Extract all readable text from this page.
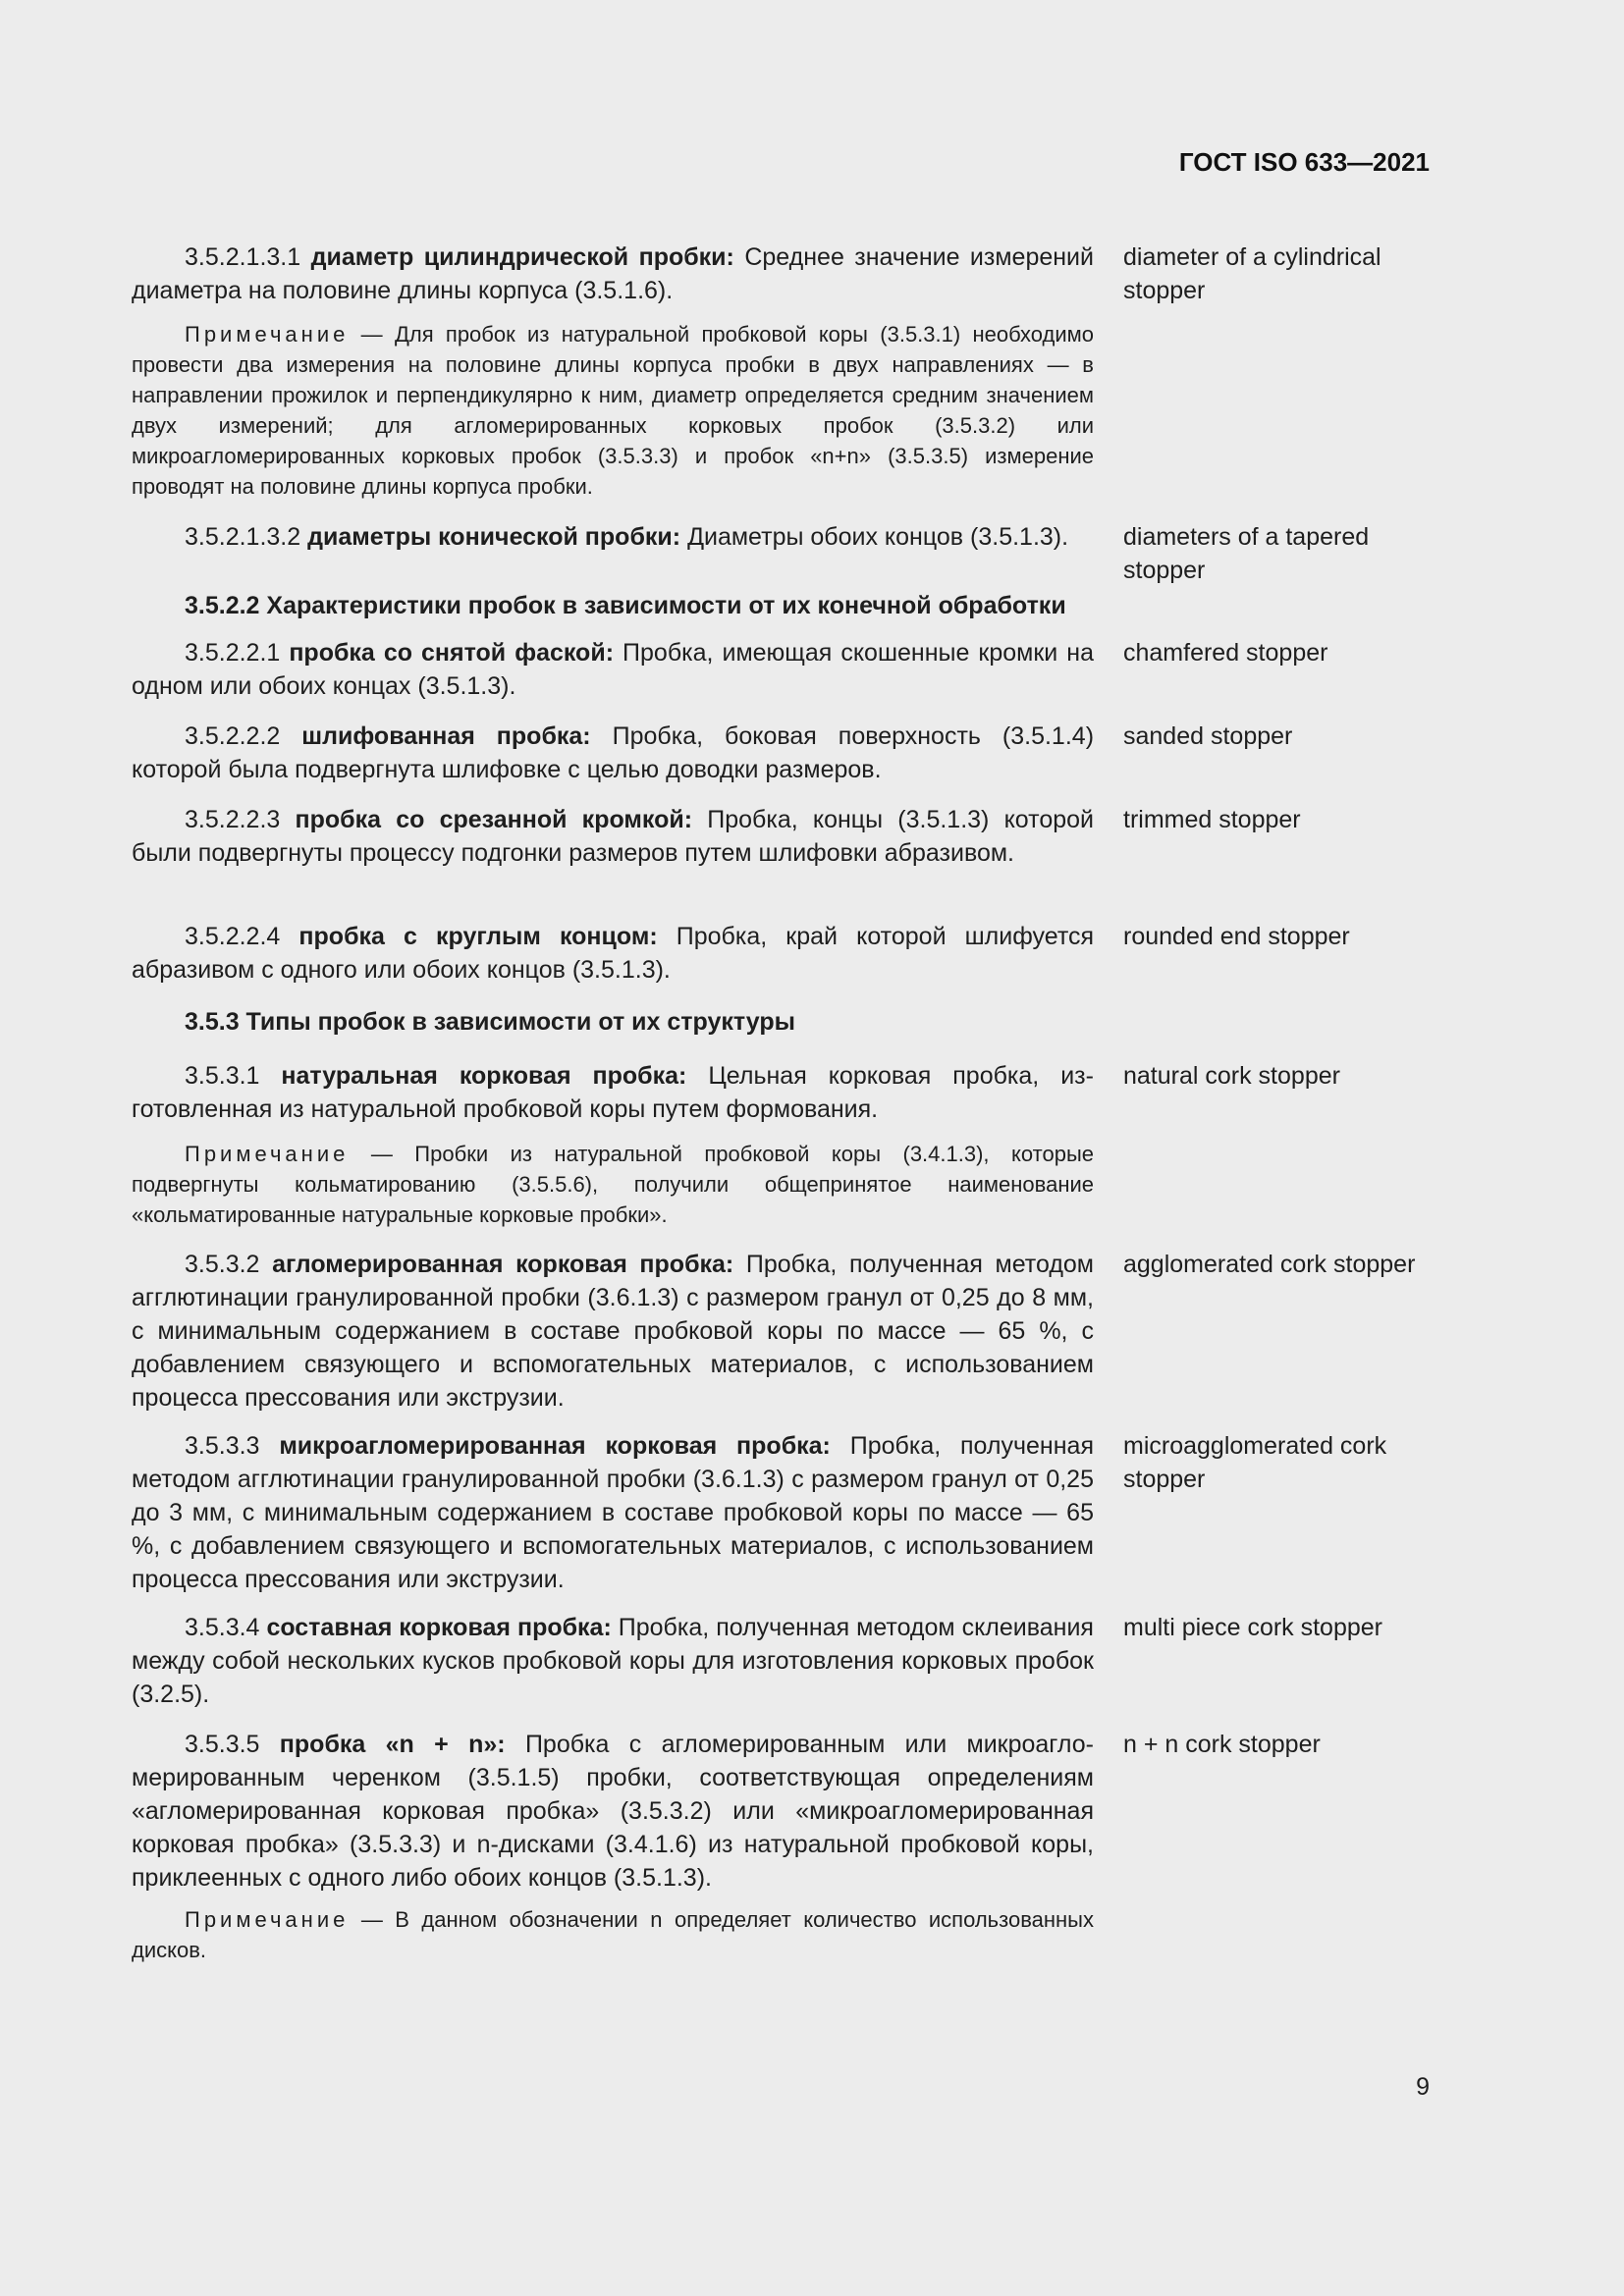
ГОСТ ISO 633—2021
3.5.2.1.3.1 диаметр цилиндрической пробки: Среднее значение измерений диаметра на половине длины корпуса (3.5.1.6).
diameter of a cylindrical stopper
Примечание — Для пробок из натуральной пробковой коры (3.5.3.1) необходимо провести два измерения на половине длины корпуса пробки в двух направлениях — в направлении прожилок и перпендикулярно к ним, диаметр определяется средним значением двух измерений; для агломерированных корковых пробок (3.5.3.2) или микроагломерированных корковых пробок (3.5.3.3) и пробок «n+n» (3.5.3.5) измерение проводят на половине длины корпуса пробки.
3.5.2.1.3.2 диаметры конической пробки: Диаметры обоих концов (3.5.1.3).	diameters of a tapered stopper
3.5.2.2 Характеристики пробок в зависимости от их конечной обработки
3.5.2.2.1 пробка со снятой фаской: Пробка, имеющая скошенные кромки на одном или обоих концах (3.5.1.3).
chamfered stopper
3.5.2.2.2 шлифованная пробка: Пробка, боковая поверхность (3.5.1.4) которой была подвергнута шлифовке с целью доводки размеров.
sanded stopper
3.5.2.2.3 пробка со срезанной кромкой: Пробка, концы (3.5.1.3) которой были подвергнуты процессу подгонки размеров путем шлифовки абразивом.
trimmed stopper
3.5.2.2.4 пробка с круглым концом: Пробка, край которой шлифуется абразивом с одного или обоих концов (3.5.1.3).
rounded end stopper
3.5.3 Типы пробок в зависимости от их структуры
3.5.3.1 натуральная корковая пробка: Цельная корковая пробка, изготовленная из натуральной пробковой коры путем формования.
natural cork stopper
Примечание — Пробки из натуральной пробковой коры (3.4.1.3), которые подвергнуты кольматированию (3.5.5.6), получили общепринятое наименование «кольматированные натуральные корковые пробки».
3.5.3.2 агломерированная корковая пробка: Пробка, полученная методом агглютинации гранулированной пробки (3.6.1.3) с размером гранул от 0,25 до 8 мм, с минимальным содержанием в составе пробковой коры по массе — 65 %, с добавлением связующего и вспомогательных материалов, с использованием процесса прессования или экструзии.
agglomerated cork stopper
3.5.3.3 микроагломерированная корковая пробка: Пробка, полученная методом агглютинации гранулированной пробки (3.6.1.3) с размером гранул от 0,25 до 3 мм, с минимальным содержанием в составе пробковой коры по массе — 65 %, с добавлением связующего и вспомогательных материалов, с использованием процесса прессования или экструзии.
microagglomerated cork stopper
3.5.3.4 составная корковая пробка: Пробка, полученная методом склеивания между собой нескольких кусков пробковой коры для изготовления корковых пробок (3.2.5).
multi piece cork stopper
3.5.3.5 пробка «n + n»: Пробка с агломерированным или микроагломерированным черенком (3.5.1.5) пробки, соответствующая определениям «агломерированная корковая пробка» (3.5.3.2) или «микроагломерированная корковая пробка» (3.5.3.3) и n-дисками (3.4.1.6) из натуральной пробковой коры, приклеенных с одного либо обоих концов (3.5.1.3).
n + n cork stopper
Примечание — В данном обозначении n определяет количество использованных дисков.
9
